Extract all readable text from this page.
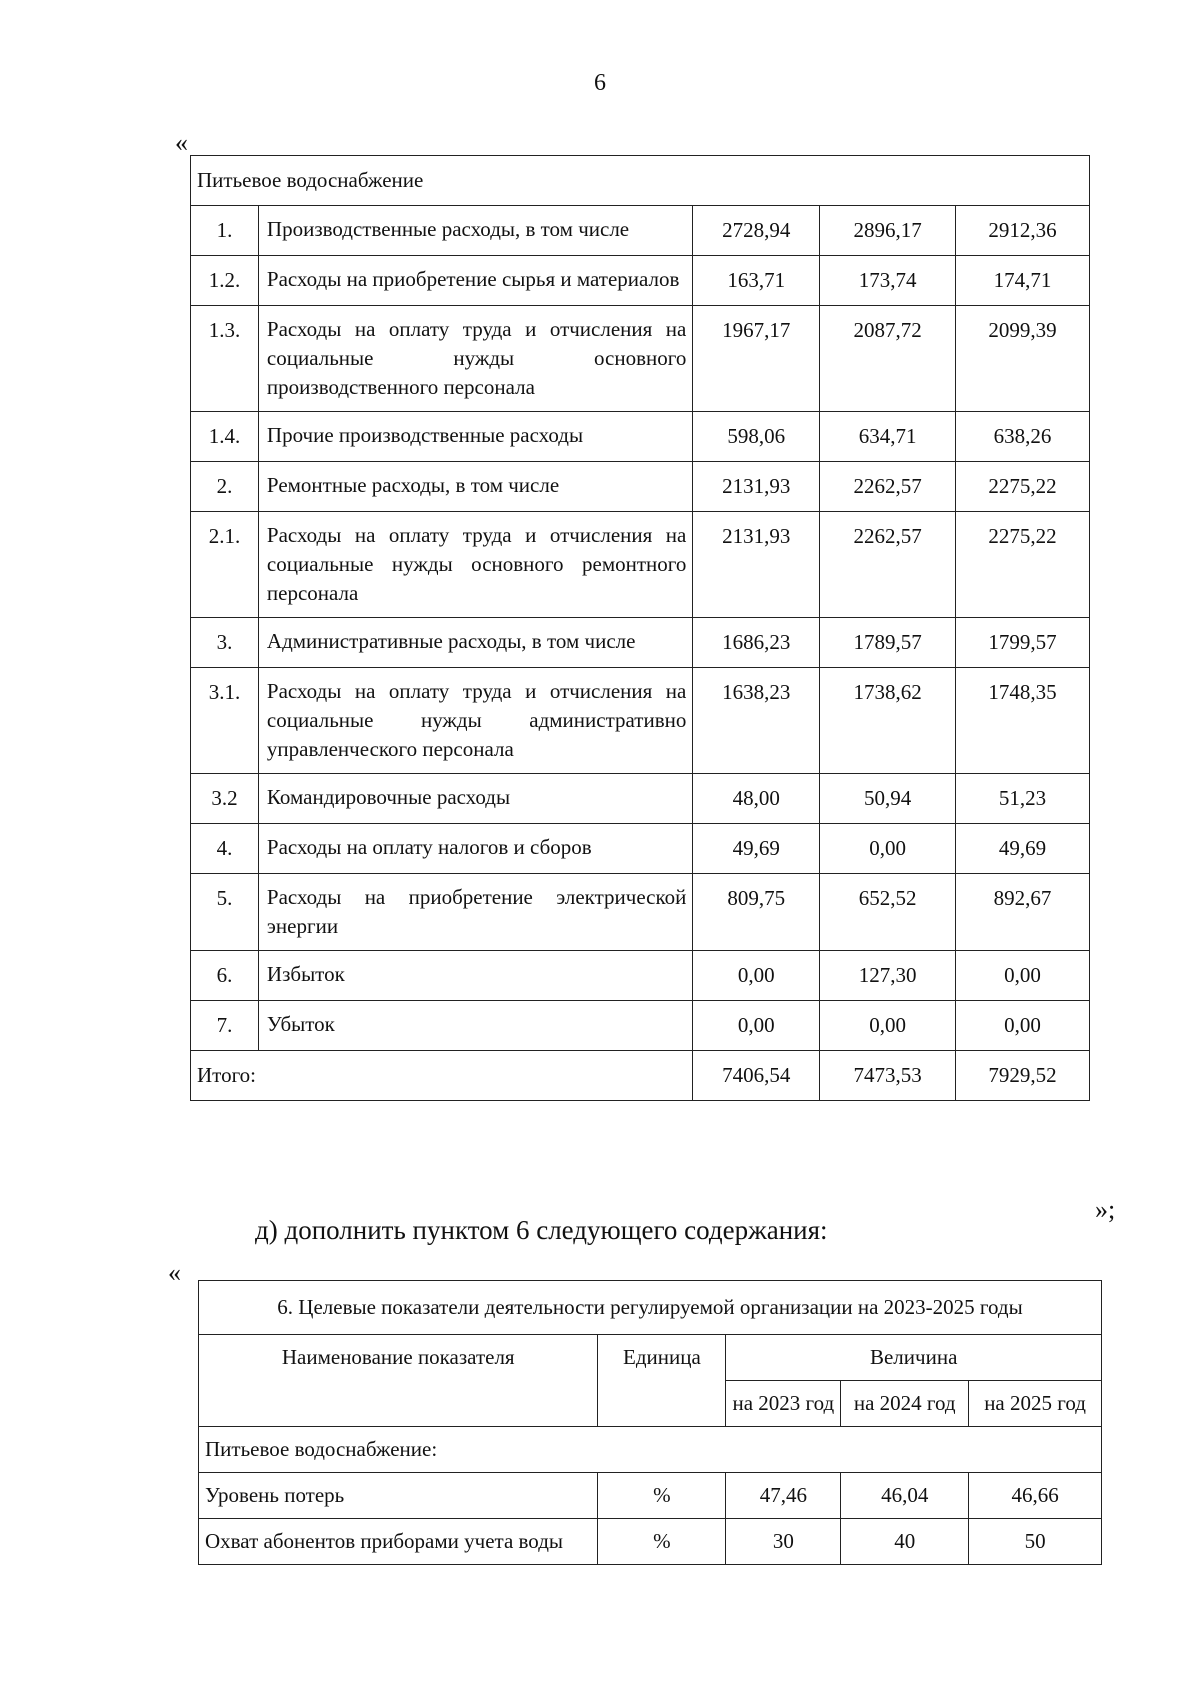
6
«
Питьевое водоснабжение				
1.	Производственные расходы, в том числе	2728,94	2896,17	2912,36
1.2.	Расходы на приобретение сырья и материалов	163,71	173,74	174,71
1.3.	Расходы на оплату труда и отчисления на социальные нужды основного производственного персонала	1967,17	2087,72	2099,39
1.4.	Прочие производственные расходы	598,06	634,71	638,26
2.	Ремонтные расходы, в том числе	2131,93	2262,57	2275,22
2.1.	Расходы на оплату труда и отчисления на социальные нужды основного ремонтного персонала	2131,93	2262,57	2275,22
3.	Административные расходы, в том числе	1686,23	1789,57	1799,57
3.1.	Расходы на оплату труда и отчисления на социальные нужды административно управленческого персонала	1638,23	1738,62	1748,35
3.2	Командировочные расходы	48,00	50,94	51,23
4.	Расходы на оплату налогов и сборов	49,69	0,00	49,69
5.	Расходы на приобретение электрической энергии	809,75	652,52	892,67
6.	Избыток	0,00	127,30	0,00
7.	Убыток	0,00	0,00	0,00
Итого:		7406,54	7473,53	7929,52
»;
д) дополнить пунктом 6 следующего содержания:
«
6. Целевые показатели деятельности регулируемой организации на 2023-2025 годы				
Наименование показателя	Единица	Величина		
		на 2023 год	на 2024 год	на 2025 год
Питьевое водоснабжение:				
Уровень потерь	%	47,46	46,04	46,66
Охват абонентов приборами учета воды	%	30	40	50
